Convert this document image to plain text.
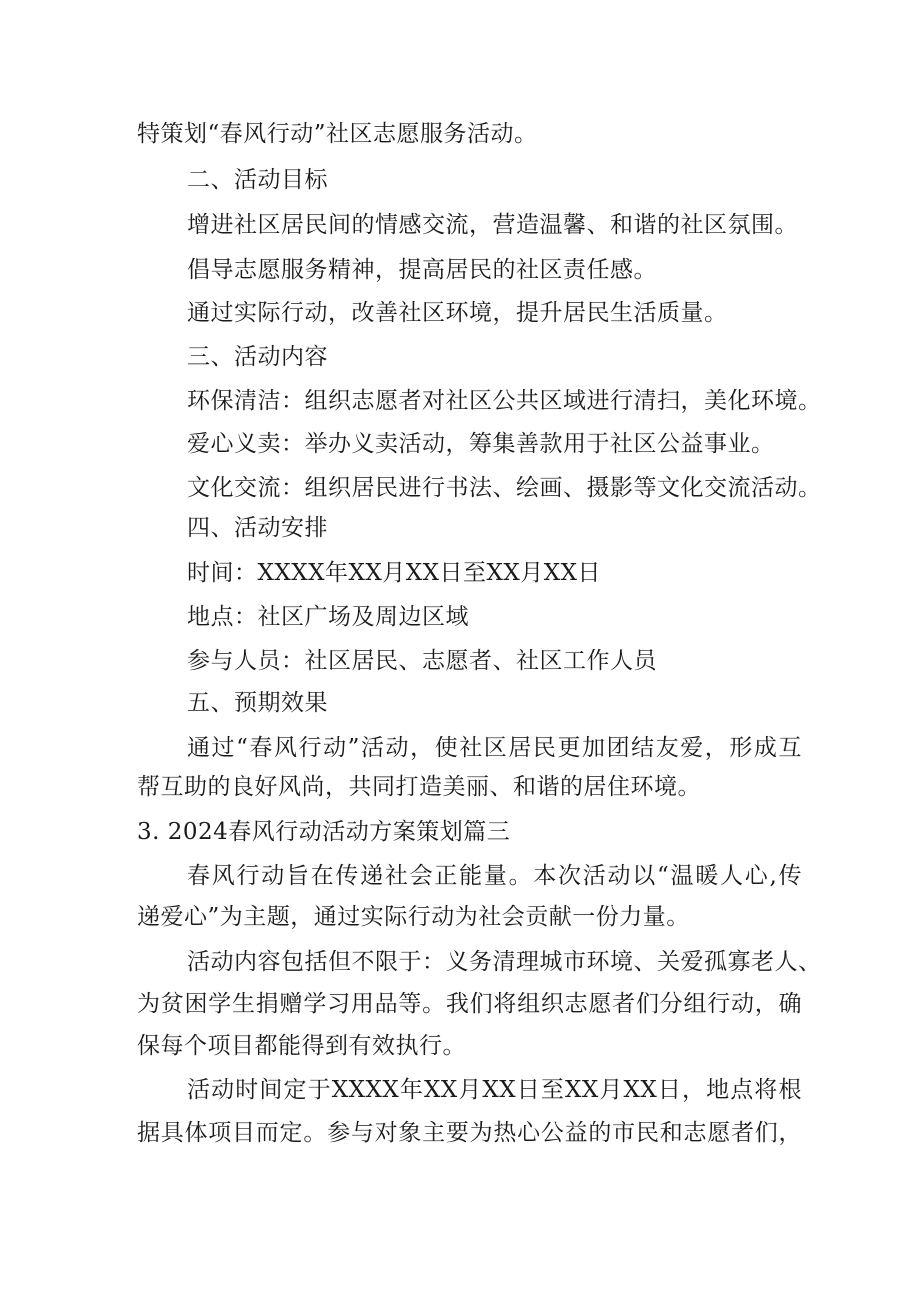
特策划“春风行动”社区志愿服务活动。
二、活动目标
增进社区居民间的情感交流，营造温馨、和谐的社区氛围。
倡导志愿服务精神，提高居民的社区责任感。
通过实际行动，改善社区环境，提升居民生活质量。
三、活动内容
环保清洁：组织志愿者对社区公共区域进行清扫，美化环境。
爱心义卖：举办义卖活动，筹集善款用于社区公益事业。
文化交流：组织居民进行书法、绘画、摄影等文化交流活动。
四、活动安排
时间：XXXX年XX月XX日至XX月XX日
地点：社区广场及周边区域
参与人员：社区居民、志愿者、社区工作人员
五、预期效果
通过“春风行动”活动，使社区居民更加团结友爱，形成互
帮互助的良好风尚，共同打造美丽、和谐的居住环境。
3. 2024春风行动活动方案策划篇三
春风行动旨在传递社会正能量。本次活动以“温暖人心,传
递爱心”为主题，通过实际行动为社会贡献一份力量。
活动内容包括但不限于：义务清理城市环境、关爱孤寡老人、
为贫困学生捐赠学习用品等。我们将组织志愿者们分组行动，确
保每个项目都能得到有效执行。
活动时间定于XXXX年XX月XX日至XX月XX日，地点将根
据具体项目而定。参与对象主要为热心公益的市民和志愿者们，
